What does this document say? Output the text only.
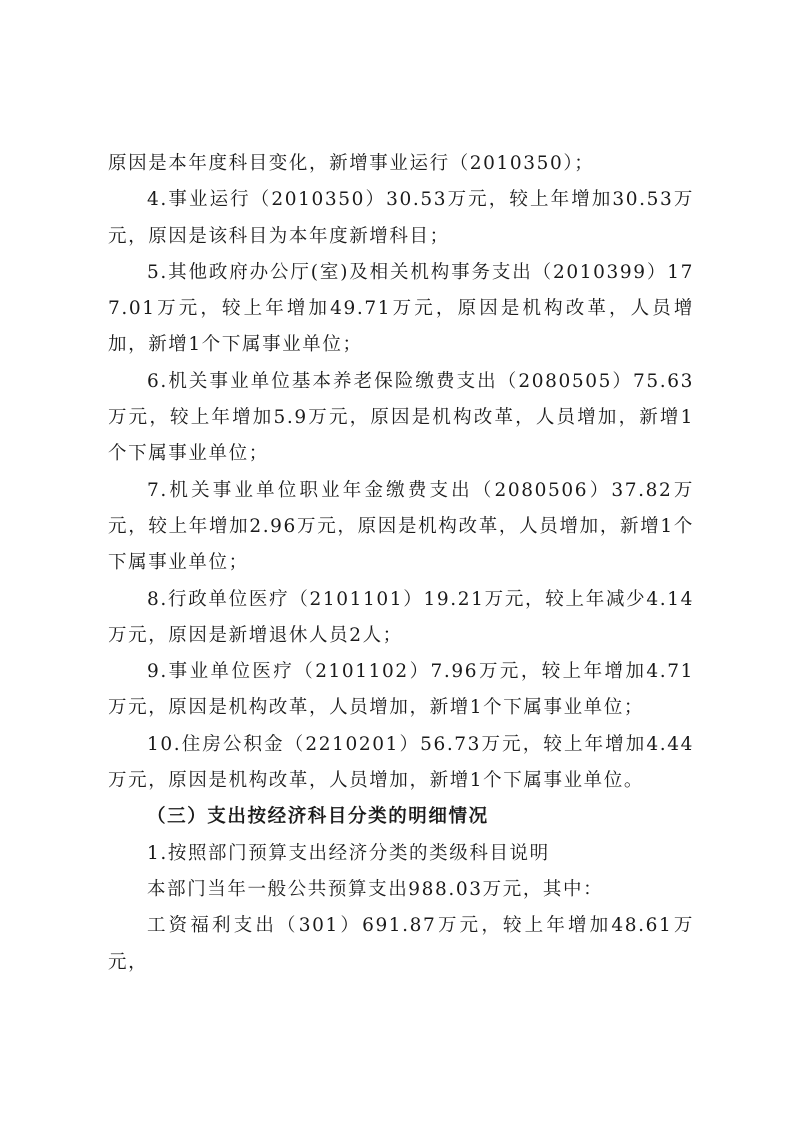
原因是本年度科目变化，新增事业运行（2010350）；

4.事业运行（2010350）30.53万元，较上年增加30.53万元，原因是该科目为本年度新增科目；

5.其他政府办公厅(室)及相关机构事务支出（2010399）177.01万元，较上年增加49.71万元，原因是机构改革，人员增加，新增1个下属事业单位；

6.机关事业单位基本养老保险缴费支出（2080505）75.63万元，较上年增加5.9万元，原因是机构改革，人员增加，新增1个下属事业单位；

7.机关事业单位职业年金缴费支出（2080506）37.82万元，较上年增加2.96万元，原因是机构改革，人员增加，新增1个下属事业单位；

8.行政单位医疗（2101101）19.21万元，较上年减少4.14万元，原因是新增退休人员2人；

9.事业单位医疗（2101102）7.96万元，较上年增加4.71万元，原因是机构改革，人员增加，新增1个下属事业单位；

10.住房公积金（2210201）56.73万元，较上年增加4.44万元，原因是机构改革，人员增加，新增1个下属事业单位。

（三）支出按经济科目分类的明细情况

1.按照部门预算支出经济分类的类级科目说明

本部门当年一般公共预算支出988.03万元，其中：

工资福利支出（301）691.87万元，较上年增加48.61万元，
